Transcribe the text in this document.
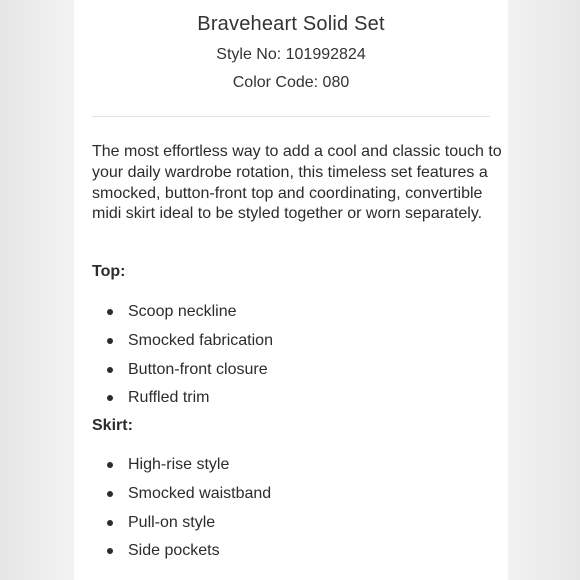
Braveheart Solid Set
Style No: 101992824
Color Code: 080

The most effortless way to add a cool and classic touch to your daily wardrobe rotation, this timeless set features a smocked, button-front top and coordinating, convertible midi skirt ideal to be styled together or worn separately.

Top:
Scoop neckline
Smocked fabrication
Button-front closure
Ruffled trim
Skirt:
High-rise style
Smocked waistband
Pull-on style
Side pockets
